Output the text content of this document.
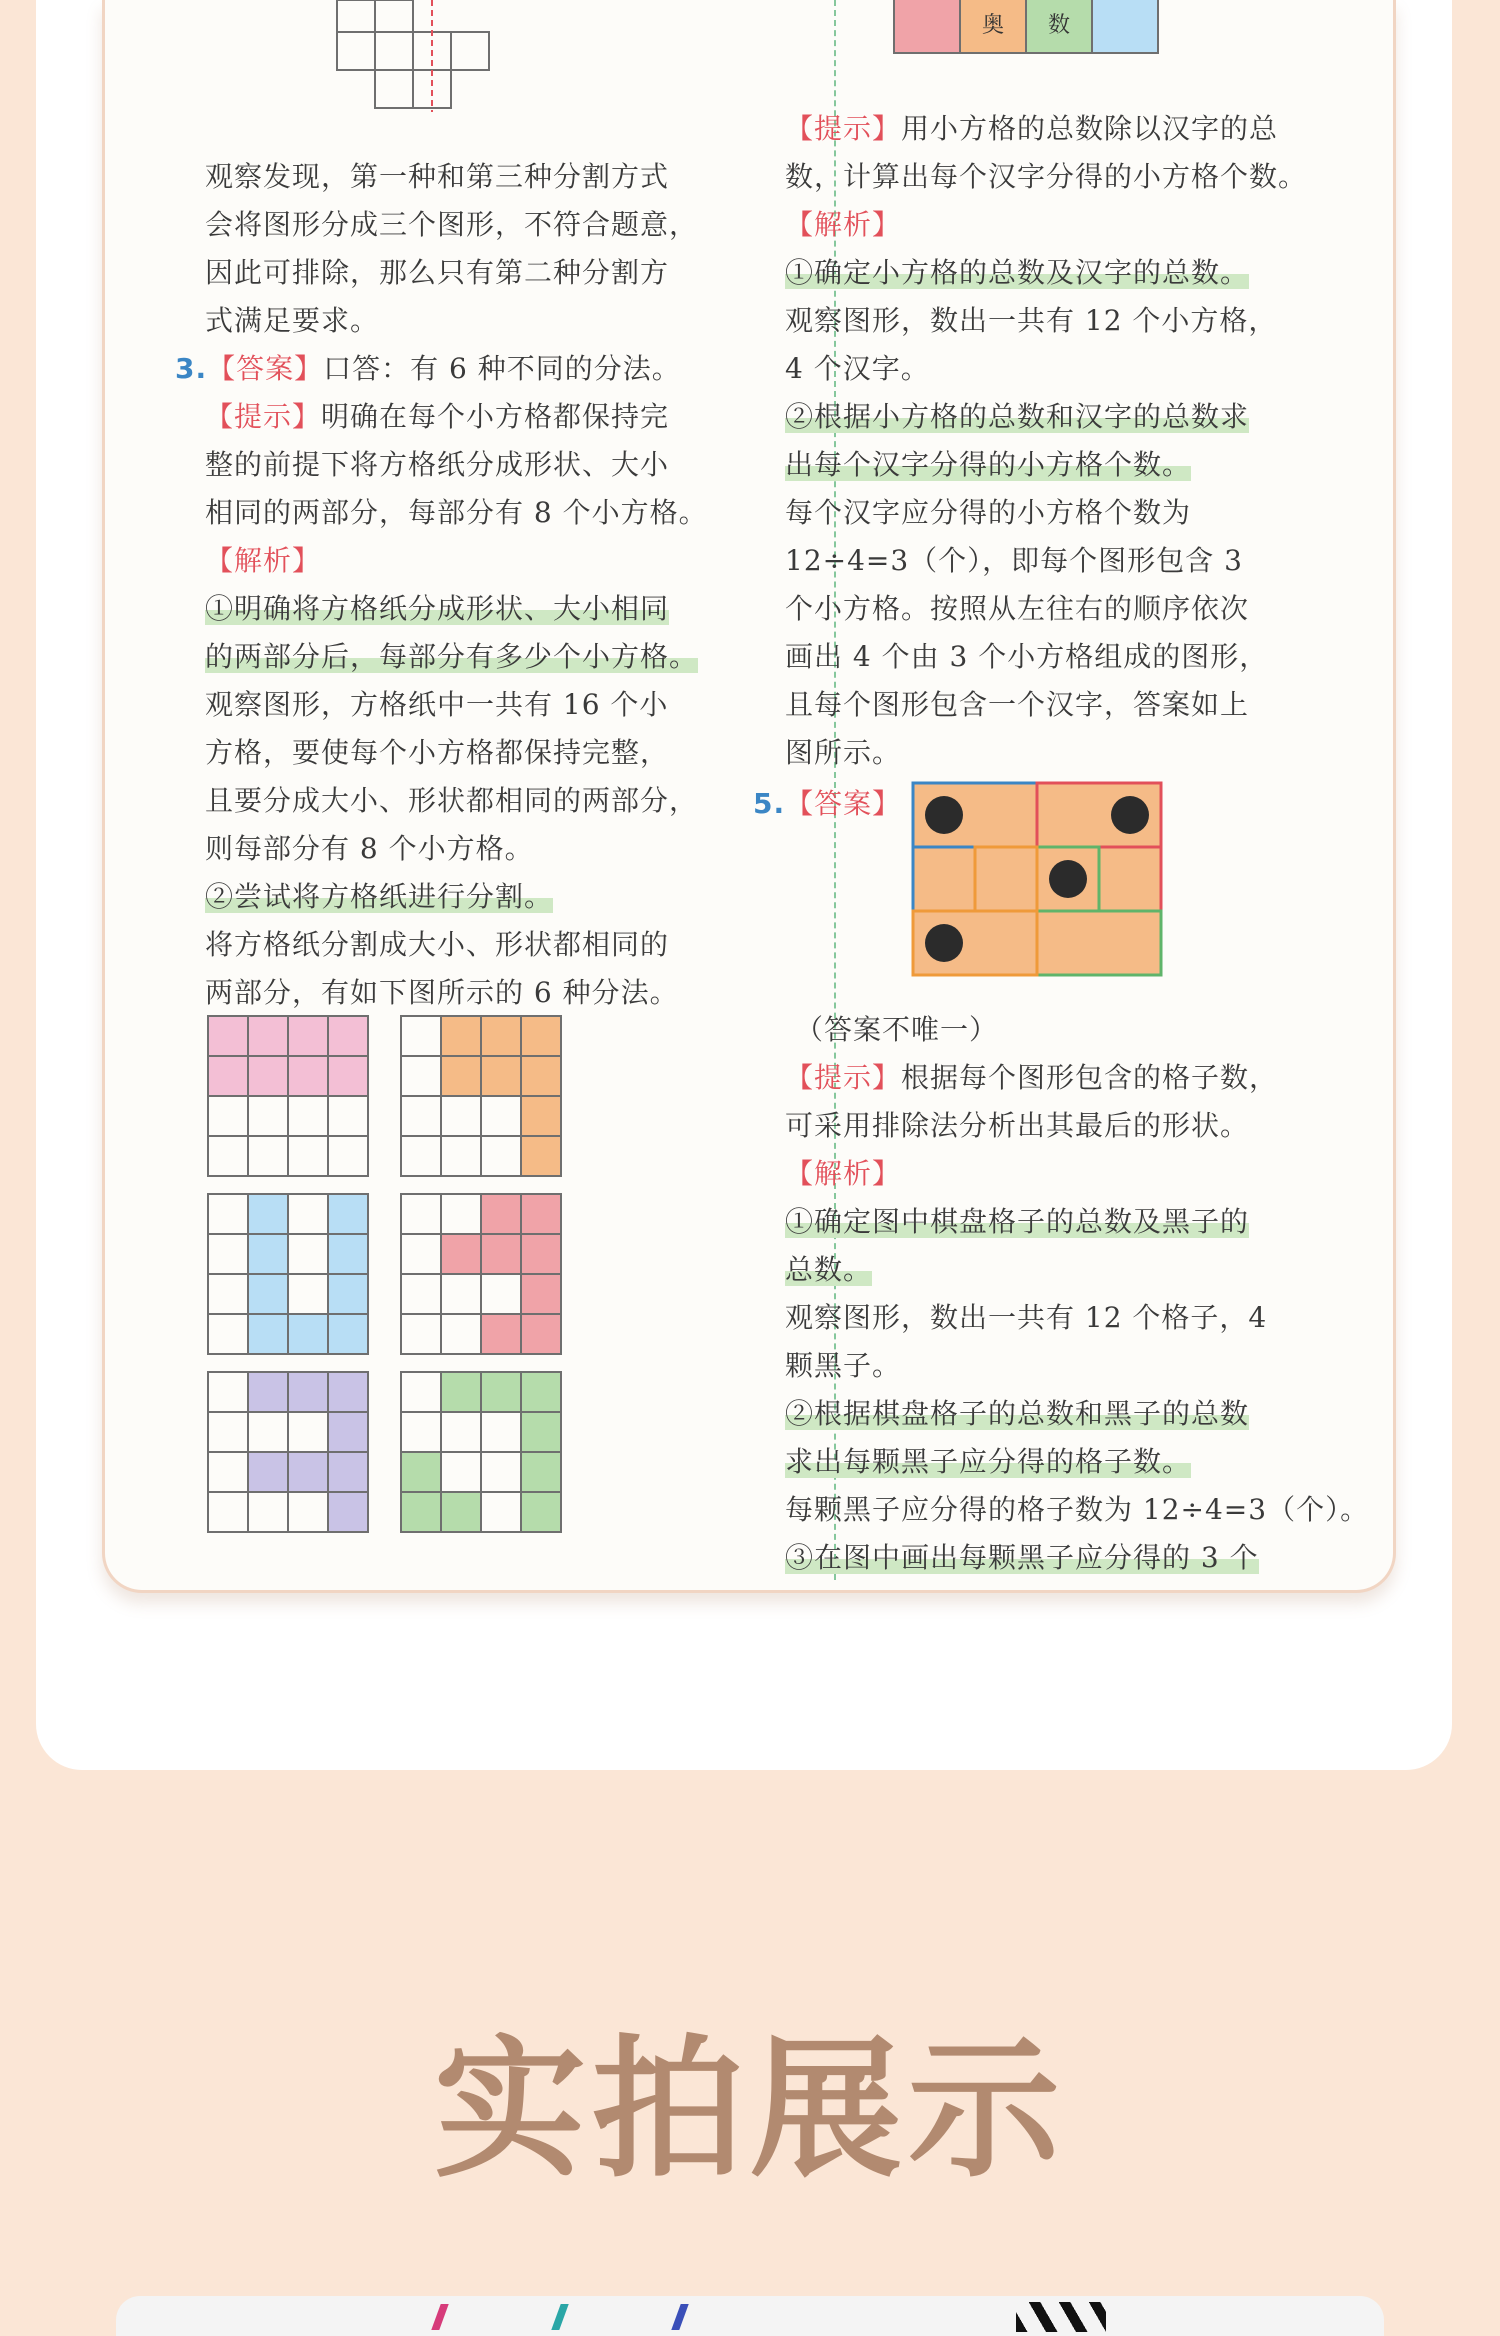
观察发现，第一种和第三种分割方式
会将图形分成三个图形，不符合题意，
因此可排除，那么只有第二种分割方
式满足要求。
3.【答案】口答：有 6 种不同的分法。
【提示】明确在每个小方格都保持完
整的前提下将方格纸分成形状、大小
相同的两部分，每部分有 8 个小方格。
【解析】
①明确将方格纸分成形状、大小相同
的两部分后，每部分有多少个小方格。
观察图形，方格纸中一共有 16 个小
方格，要使每个小方格都保持完整，
且要分成大小、形状都相同的两部分，
则每部分有 8 个小方格。
②尝试将方格纸进行分割。
将方格纸分割成大小、形状都相同的
两部分，有如下图所示的 6 种分法。

	奥	数	
【提示】用小方格的总数除以汉字的总
数，计算出每个汉字分得的小方格个数。
【解析】
①确定小方格的总数及汉字的总数。
观察图形，数出一共有 12 个小方格，
4 个汉字。
②根据小方格的总数和汉字的总数求
出每个汉字分得的小方格个数。
每个汉字应分得的小方格个数为
12÷4=3（个），即每个图形包含 3
个小方格。按照从左往右的顺序依次
画出 4 个由 3 个小方格组成的图形，
且每个图形包含一个汉字，答案如上
图所示。
5.【答案】
（答案不唯一）
【提示】根据每个图形包含的格子数，
可采用排除法分析出其最后的形状。
【解析】
①确定图中棋盘格子的总数及黑子的
总数。
观察图形，数出一共有 12 个格子，4
颗黑子。
②根据棋盘格子的总数和黑子的总数
求出每颗黑子应分得的格子数。
每颗黑子应分得的格子数为 12÷4=3（个）。
③在图中画出每颗黑子应分得的 3 个
实拍展示
